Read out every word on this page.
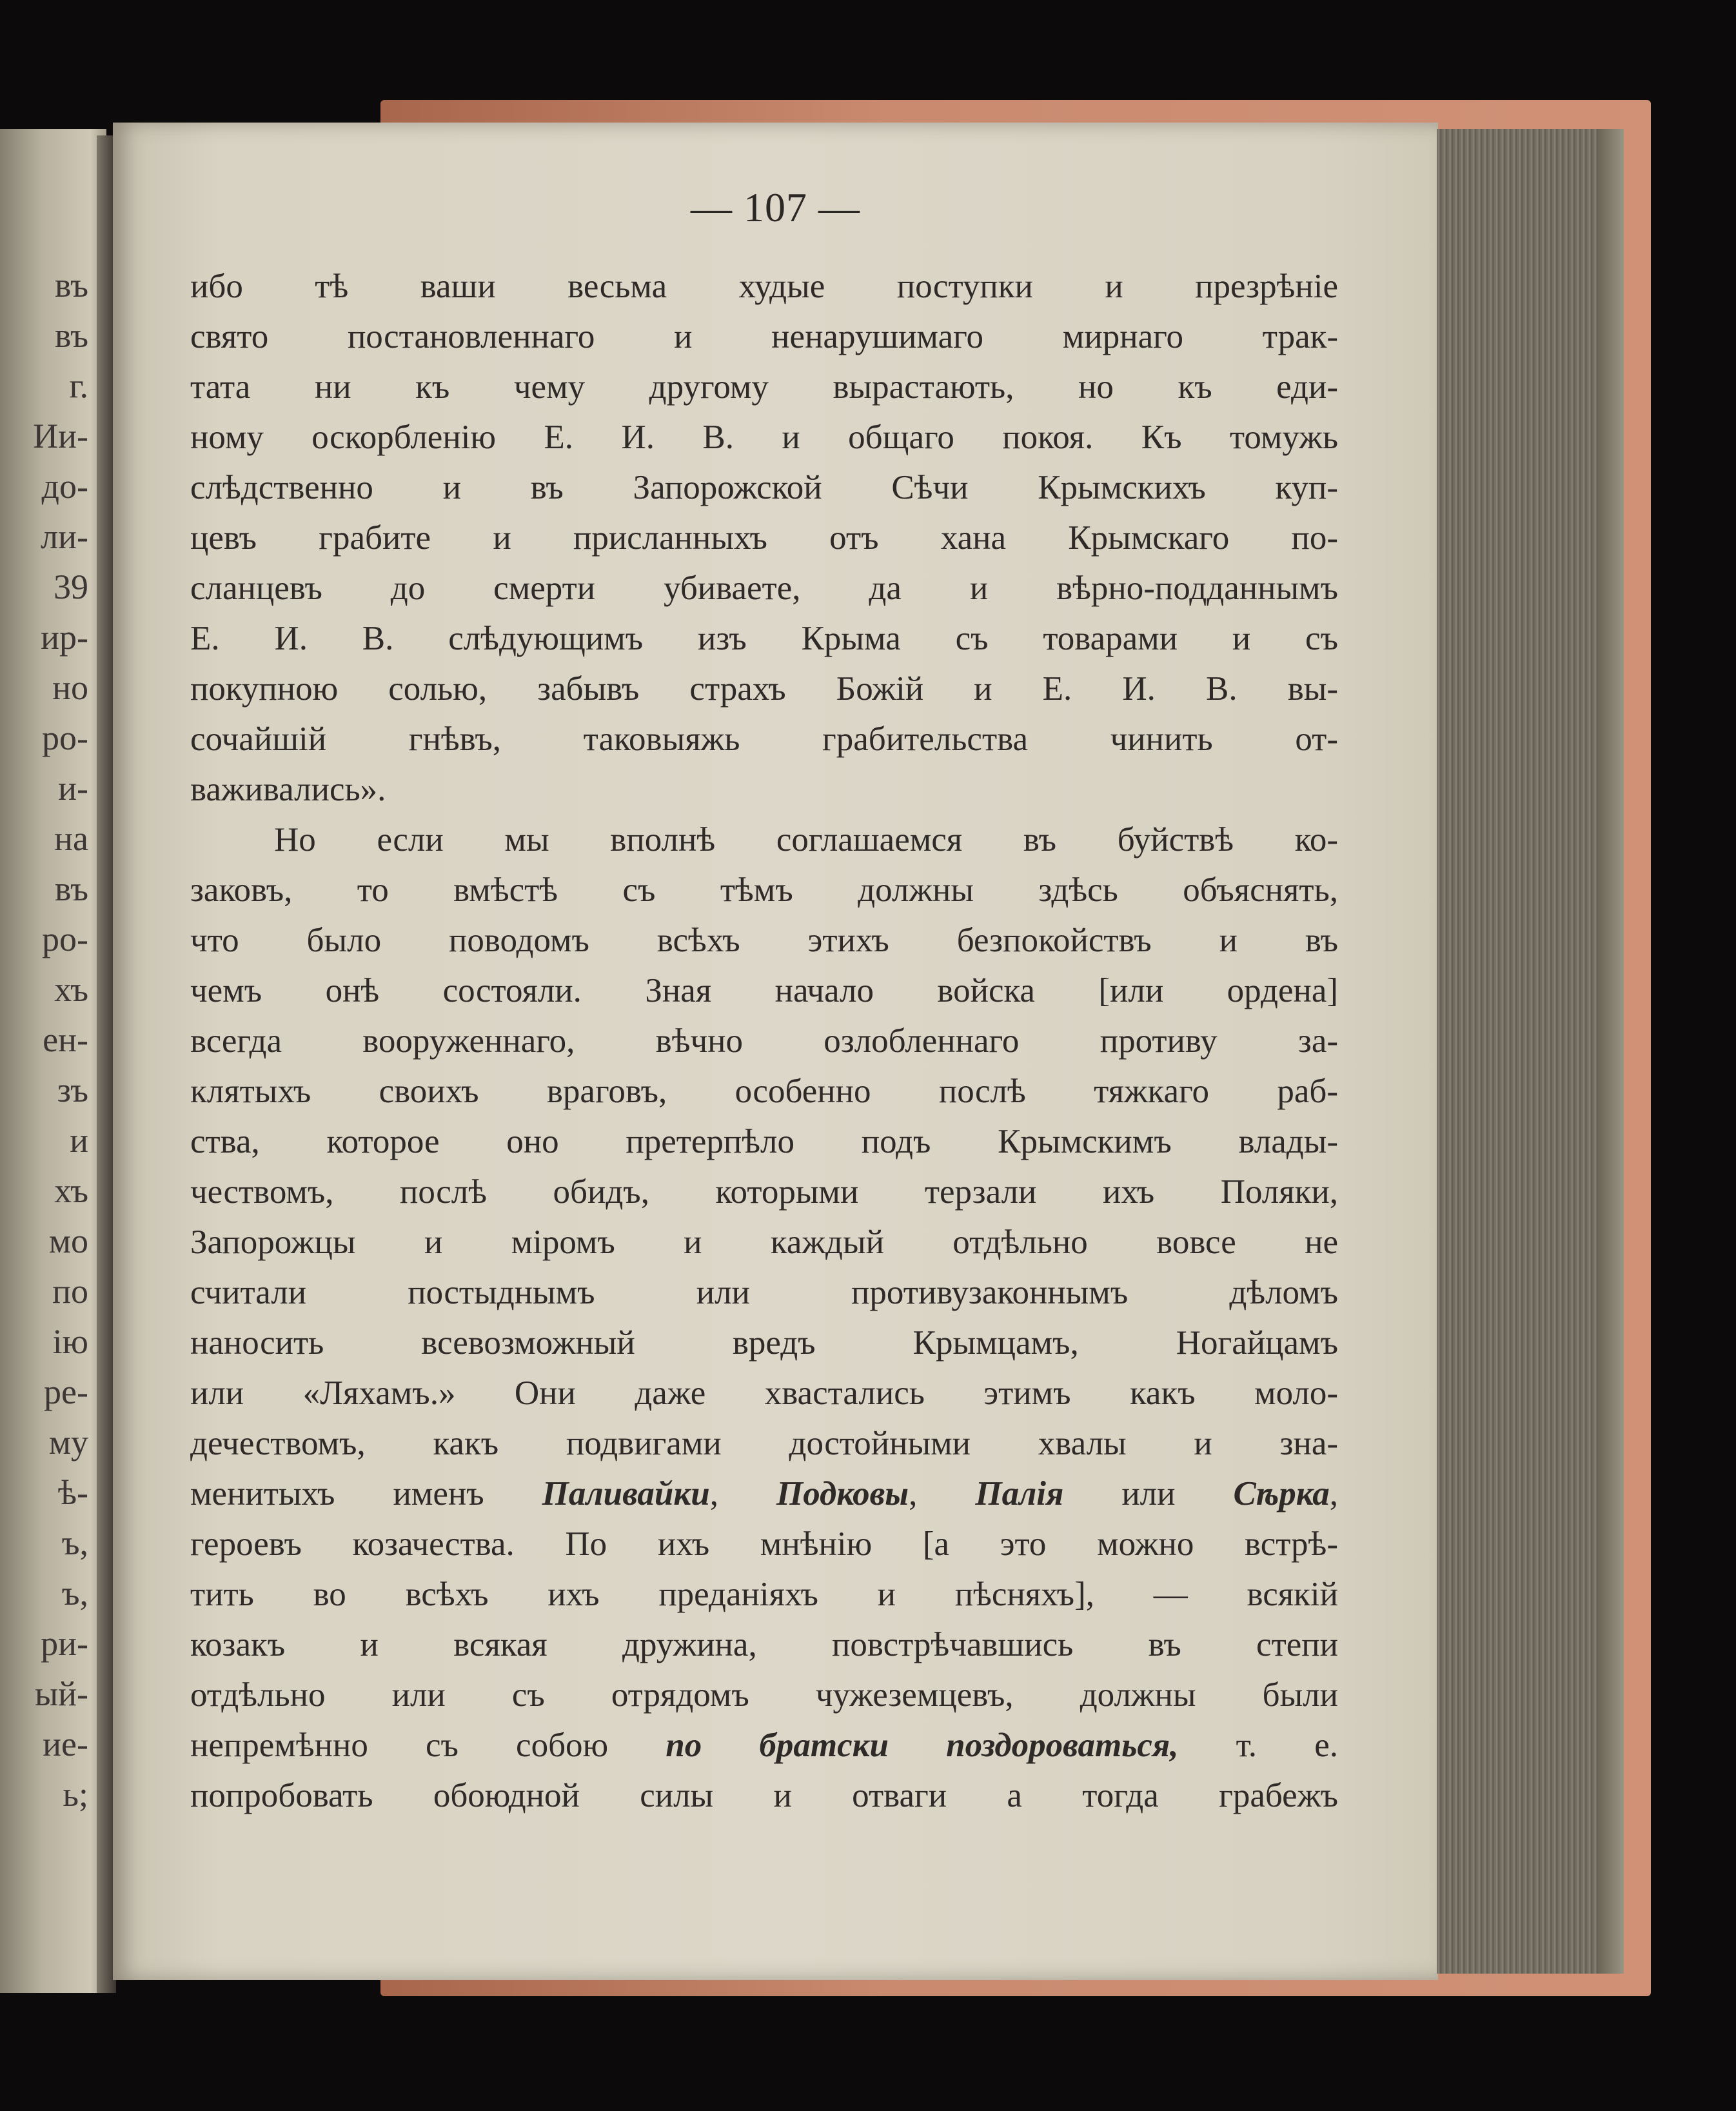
въ
въ
г.
Ии-
до-
ли-
39
ир-
но
ро-
и-
на
въ
ро-
хъ
ен-
зъ
и
хъ
мо
по
ію
ре-
му
ѣ-
ъ,
ъ,
ри-
ый-
ие-
ь;
— 107 —
ибо тѣ ваши весьма худые поступки и презрѣніе
свято постановленнаго и ненарушимаго мирнаго трак-
тата ни къ чему другому вырастають, но къ еди-
ному оскорбленію Е. И. В. и общаго покоя. Къ томужь
слѣдственно и въ Запорожской Сѣчи Крымскихъ куп-
цевъ грабите и присланныхъ отъ хана Крымскаго по-
сланцевъ до смерти убиваете, да и вѣрно-подданнымъ
Е. И. В. слѣдующимъ изъ Крыма съ товарами и съ
покупною солью, забывъ страхъ Божій и Е. И. В. вы-
сочайшій гнѣвъ, таковыяжь грабительства чинить от-
важивались».
Но если мы вполнѣ соглашаемся въ буйствѣ ко-
заковъ, то вмѣстѣ съ тѣмъ должны здѣсь объяснять,
что было поводомъ всѣхъ этихъ безпокойствъ и въ
чемъ онѣ состояли. Зная начало войска [или ордена]
всегда вооруженнаго, вѣчно озлобленнаго противу за-
клятыхъ своихъ враговъ, особенно послѣ тяжкаго раб-
ства, которое оно претерпѣло подъ Крымскимъ влады-
чествомъ, послѣ обидъ, которыми терзали ихъ Поляки,
Запорожцы и міромъ и каждый отдѣльно вовсе не
считали постыднымъ или противузаконнымъ дѣломъ
наносить всевозможный вредъ Крымцамъ, Ногайцамъ
или «Ляхамъ.» Они даже хвастались этимъ какъ моло-
дечествомъ, какъ подвигами достойными хвалы и зна-
менитыхъ именъ Паливайки, Подковы, Палія или Сѣрка,
героевъ козачества. По ихъ мнѣнію [а это можно встрѣ-
тить во всѣхъ ихъ преданіяхъ и пѣсняхъ], — всякій
козакъ и всякая дружина, повстрѣчавшись въ степи
отдѣльно или съ отрядомъ чужеземцевъ, должны были
непремѣнно съ собою по братски поздороваться, т. е.
попробовать обоюдной силы и отваги а тогда грабежъ
